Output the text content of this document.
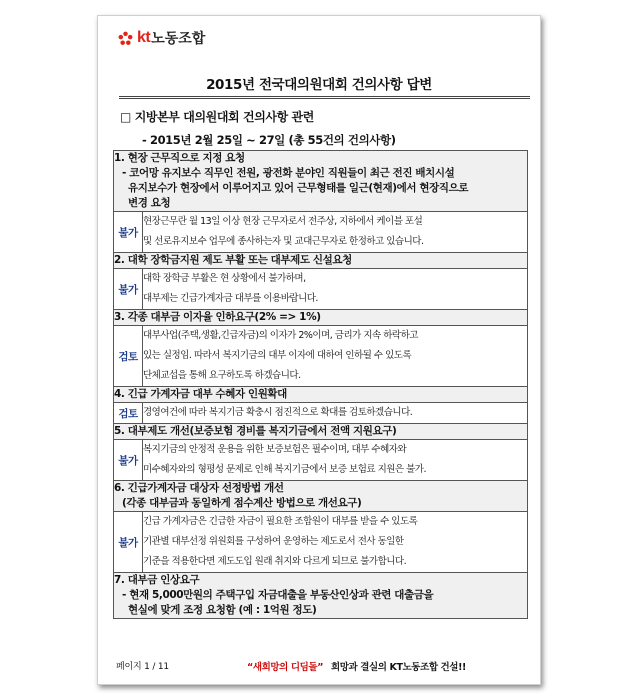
kt 노동조합
2015년 전국대의원대회 건의사항 답변
□ 지방본부 대의원대회 건의사항 관련
- 2015년 2월 25일 ~ 27일 (총 55건의 건의사항)
1. 현장 근무직으로 지정 요청
- 코어망 유지보수 직무인 전원, 광전화 분야인 직원들이 최근 전진 배치시설
유지보수가 현장에서 이루어지고 있어 근무형태를 일근(현재)에서 현장직으로
변경 요청	

불가	현장근무란 월 13일 이상 현장 근무자로서 전주상, 지하에서 케이블 포설
및 선로유지보수 업무에 종사하는자 및 교대근무자로 한정하고 있습니다.

2. 대학 장학금지원 제도 부활 또는 대부제도 신설요청	

불가	대학 장학금 부활은 현 상황에서 불가하며,
대부제는 긴급가계자금 대부를 이용바랍니다.

3. 각종 대부금 이자율 인하요구(2% => 1%)	

검토	대부사업(주택,생활,긴급자금)의 이자가 2%이며, 금리가 지속 하락하고
있는 실정임. 따라서 복지기금의 대부 이자에 대하여 인하될 수 있도록
단체교섭을 통해 요구하도록 하겠습니다.

4. 긴급 가계자금 대부 수혜자 인원확대	

검토	경영여건에 따라 복지기금 확충시 점진적으로 확대를 검토하겠습니다.

5. 대부제도 개선(보증보험 경비를 복지기금에서 전액 지원요구)	

불가	복지기금의 안정적 운용을 위한 보증보험은 필수이며, 대부 수혜자와
미수혜자와의 형평성 문제로 인해 복지기금에서 보증 보험료 지원은 불가.

6. 긴급가계자금 대상자 선정방법 개선
(각종 대부금과 동일하게 점수계산 방법으로 개선요구)	

불가	긴급 가계자금은 긴급한 자금이 필요한 조합원이 대부를 받을 수 있도록
기관별 대부선정 위원회를 구성하여 운영하는 제도로서 전사 동일한
기준을 적용한다면 제도도입 원래 취지와 다르게 되므로 불가합니다.

7. 대부금 인상요구
- 현재 5,000만원의 주택구입 자금대출을 부동산인상과 관련 대출금을
현실에 맞게 조정 요청함 (예 : 1억원 정도)	
페이지 1 / 11	“새희망의 디딤돌” 희망과 결실의 KT노동조합 건설!!
